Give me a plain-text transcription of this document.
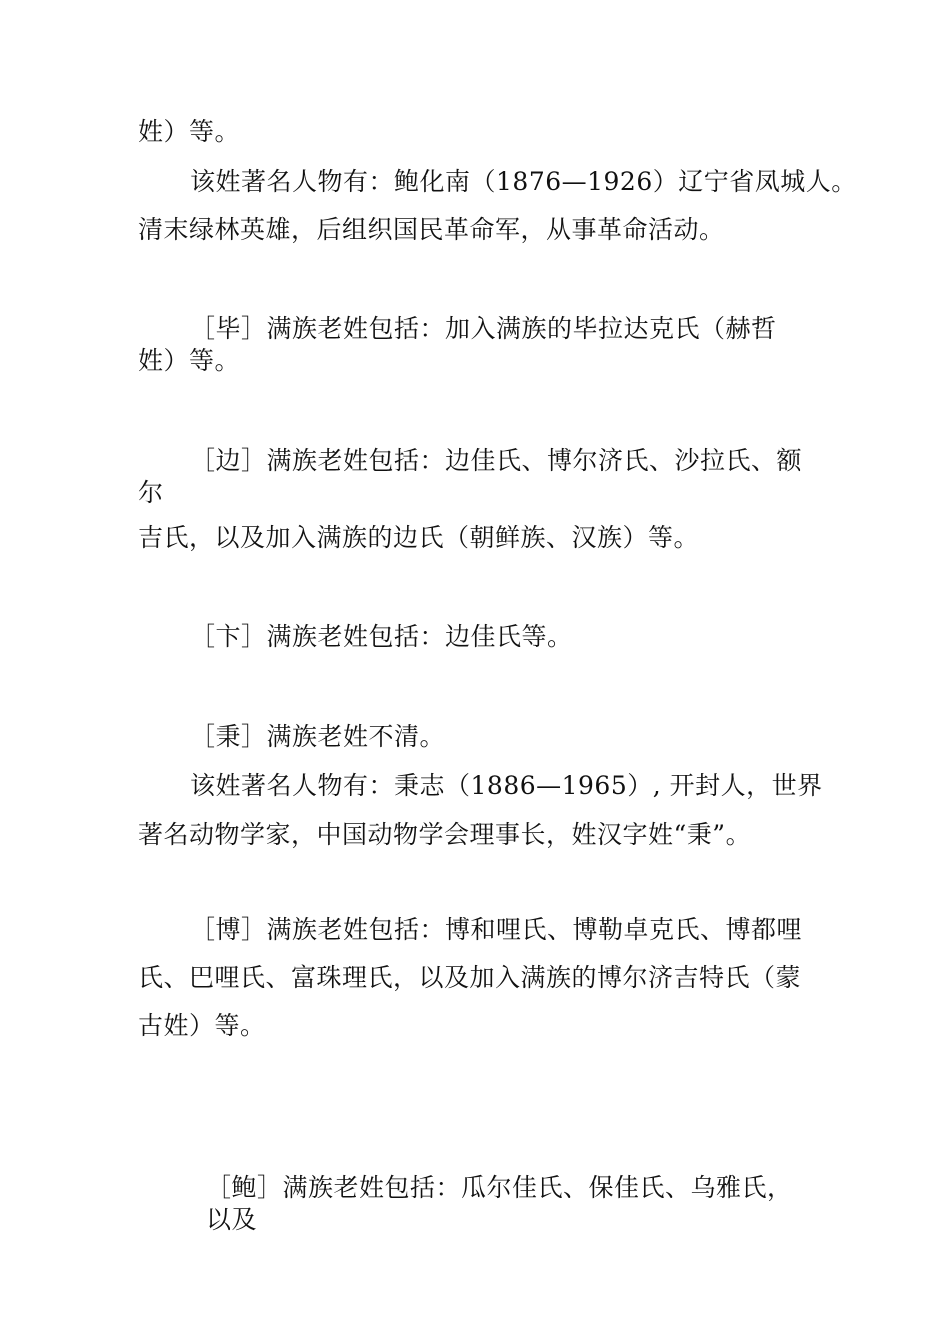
姓）等。
该姓著名人物有：鲍化南（1876—1926）辽宁省凤城人。
清末绿林英雄，后组织国民革命军，从事革命活动。
［毕］满族老姓包括：加入满族的毕拉达克氏（赫哲
姓）等。
［边］满族老姓包括：边佳氏、博尔济氏、沙拉氏、额
尔
吉氏，以及加入满族的边氏（朝鲜族、汉族）等。
［卞］满族老姓包括：边佳氏等。
［秉］满族老姓不清。
该姓著名人物有：秉志（1886—1965）, 开封人，世界
著名动物学家，中国动物学会理事长，姓汉字姓“秉”。
［博］满族老姓包括：博和哩氏、博勒卓克氏、博都哩
氏、巴哩氏、富珠理氏，以及加入满族的博尔济吉特氏（蒙
古姓）等。
［鲍］满族老姓包括：瓜尔佳氏、保佳氏、乌雅氏，
以及
